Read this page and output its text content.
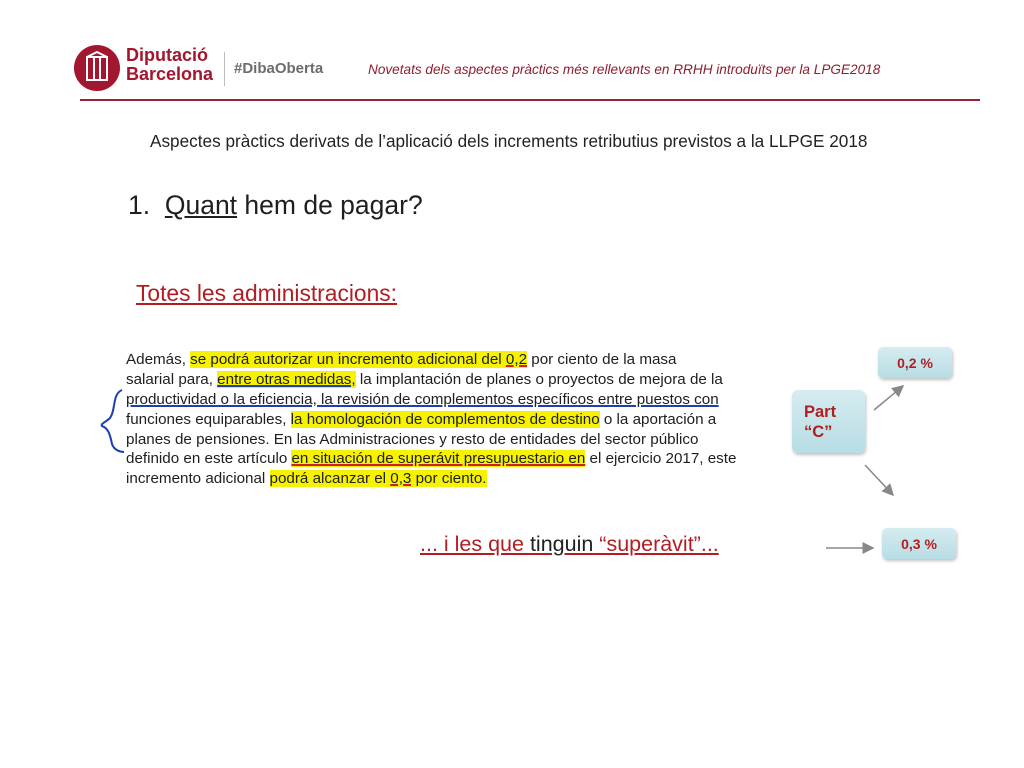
Diputació
Barcelona #DibaOberta	Novetats dels aspectes pràctics més rellevants en RRHH introduïts per la LPGE2018
Aspectes pràctics derivats de l’aplicació dels increments retributius previstos a la LLPGE 2018
1. Quant hem de pagar?
Totes les administracions:
Además, se podrá autorizar un incremento adicional del 0,2 por ciento de la masa
salarial para, entre otras medidas, la implantación de planes o proyectos de mejora de la
productividad o la eficiencia, la revisión de complementos específicos entre puestos con
funciones equiparables, la homologación de complementos de destino o la aportación a
planes de pensiones. En las Administraciones y resto de entidades del sector público
definido en este artículo en situación de superávit presupuestario en el ejercicio 2017, este
incremento adicional podrá alcanzar el 0,3 por ciento.
Part
“C”
0,2 %
0,3 %
... i les que tinguin “superàvit”...
